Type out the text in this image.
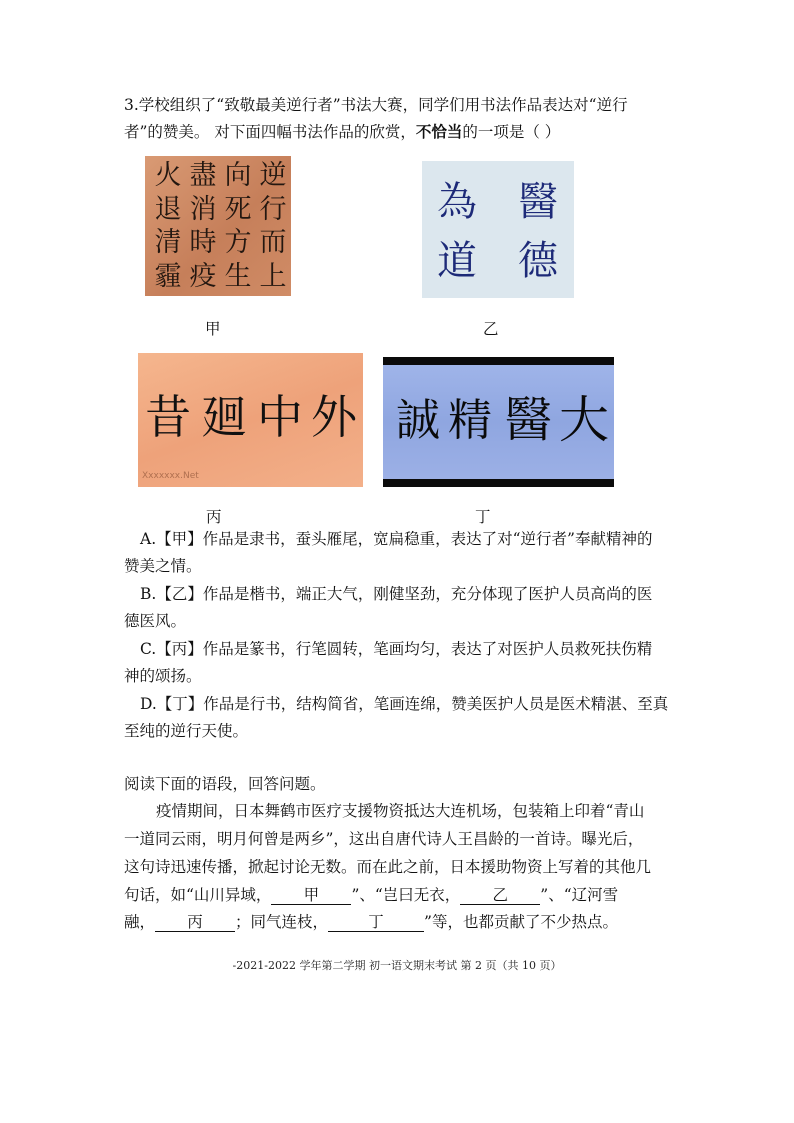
3.学校组织了“致敬最美逆行者”书法大赛，同学们用书法作品表达对“逆行
者”的赞美。 对下面四幅书法作品的欣赏，不恰当的一项是（ ）
逆
行
而
上
向
死
方
生
盡
消
時
疫
火
退
清
霾
甲
為 醫
道 德
乙
昔 廻 中 外
Xxxxxxx.Net
丙
誠 精 醫 大
丁
A.【甲】作品是隶书，蚕头雁尾，宽扁稳重，表达了对“逆行者”奉献精神的
赞美之情。
B.【乙】作品是楷书，端正大气，刚健坚劲，充分体现了医护人员高尚的医
德医风。
C.【丙】作品是篆书，行笔圆转，笔画均匀，表达了对医护人员救死扶伤精
神的颂扬。
D.【丁】作品是行书，结构简省，笔画连绵，赞美医护人员是医术精湛、至真
至纯的逆行天使。
阅读下面的语段，回答问题。
疫情期间，日本舞鹤市医疗支援物资抵达大连机场，包装箱上印着“青山
一道同云雨，明月何曾是两乡”，这出自唐代诗人王昌龄的一首诗。曝光后，
这句诗迅速传播，掀起讨论无数。而在此之前，日本援助物资上写着的其他几
句话，如“山川异域， 甲 ”、“岂曰无衣， 乙 ”、“辽河雪
融， 丙 ；同气连枝，	丁	”等，也都贡献了不少热点。
-2021-2022 学年第二学期 初一语文期末考试 第 2 页（共 10 页）
